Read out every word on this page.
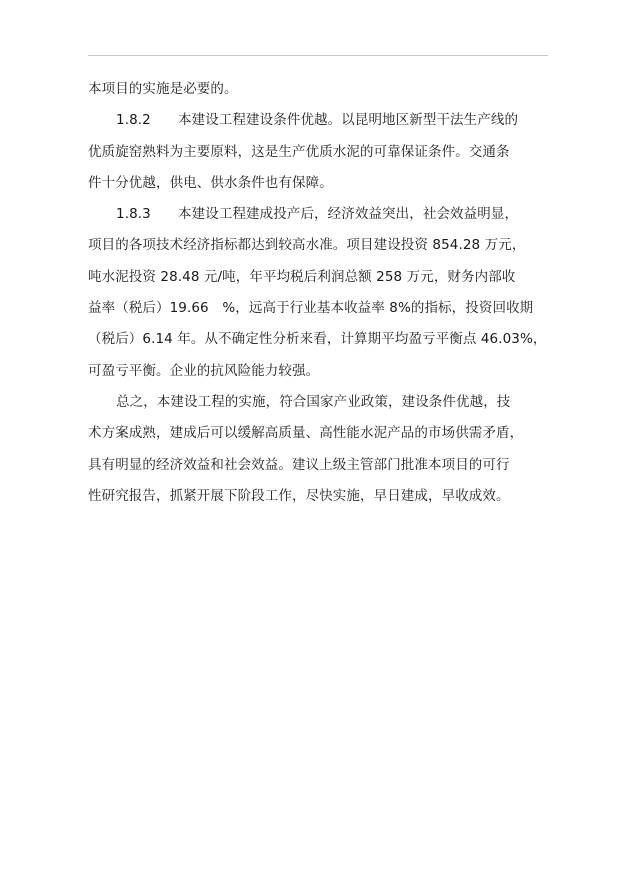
本项目的实施是必要的。
1.8.2　　本建设工程建设条件优越。以昆明地区新型干法生产线的
优质旋窑熟料为主要原料，这是生产优质水泥的可靠保证条件。交通条
件十分优越，供电、供水条件也有保障。
1.8.3　　本建设工程建成投产后，经济效益突出，社会效益明显，
项目的各项技术经济指标都达到较高水准。项目建设投资 854.28 万元，
吨水泥投资 28.48 元/吨，年平均税后利润总额 258 万元，财务内部收
益率（税后）19.66　%，远高于行业基本收益率 8%的指标，投资回收期
（税后）6.14 年。从不确定性分析来看，计算期平均盈亏平衡点 46.03%，
可盈亏平衡。企业的抗风险能力较强。
总之，本建设工程的实施，符合国家产业政策，建设条件优越，技
术方案成熟，建成后可以缓解高质量、高性能水泥产品的市场供需矛盾，
具有明显的经济效益和社会效益。建议上级主管部门批准本项目的可行
性研究报告，抓紧开展下阶段工作，尽快实施，早日建成，早收成效。
